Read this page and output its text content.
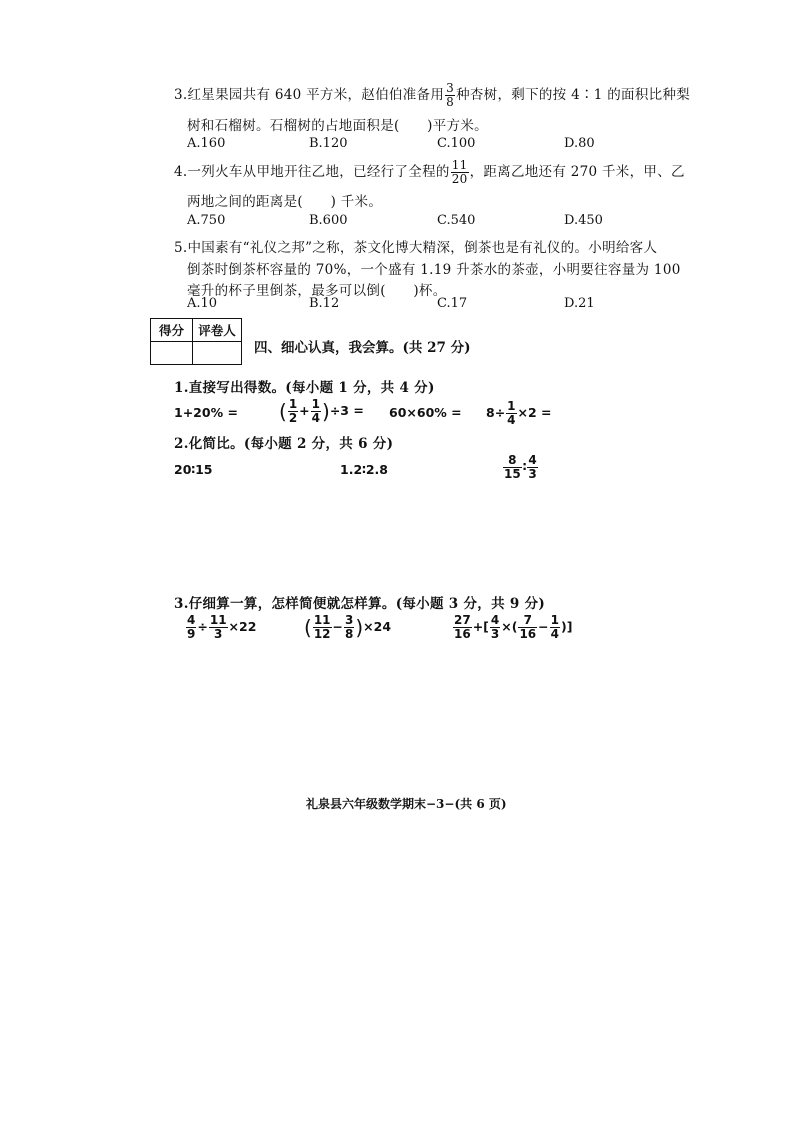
3.红星果园共有 640 平方米，赵伯伯准备用 $\frac{3}{8}$ 种杏树，剩下的按 4∶1 的面积比种梨
树和石榴树。石榴树的占地面积是(　　)平方米。
A.160	B.120	C.100	D.80
4.一列火车从甲地开往乙地，已经行了全程的 $\frac{11}{20}$ ，距离乙地还有 270 千米，甲、乙
两地之间的距离是(　　) 千米。
A.750	B.600	C.540	D.450
5.中国素有“礼仪之邦”之称，茶文化博大精深，倒茶也是有礼仪的。小明给客人
倒茶时倒茶杯容量的 70%，一个盛有 1.19 升茶水的茶壶，小明要往容量为 100
毫升的杯子里倒茶，最多可以倒(　　)杯。
A.10	B.12	C.17	D.21
得分	评卷人

四、细心认真，我会算。(共 27 分)
1.直接写出得数。(每小题 1 分，共 4 分)
1+20% = ( $\frac{1}{2} + \frac{1}{4} )\div 3 = 60\times 60\% = 8\div \frac{1}{4} \times 2$ =
2.化简比。(每小题 2 分，共 6 分)
20∶15	1.2∶2.8	$\frac{8}{15}$ ∶ $\frac{4}{3}$
3.仔细算一算，怎样简便就怎样算。(每小题 3 分，共 9 分)
$\frac{4}{9} \div \frac{11}{3} \times 22$ ( $\frac{11}{12} - \frac{3}{8} )\times 24$	$\frac{27}{16}$ +[ $\frac{4}{3}$ ×( $\frac{7}{16} - \frac{1}{4}$ )]
礼泉县六年级数学期末−3−(共 6 页)
